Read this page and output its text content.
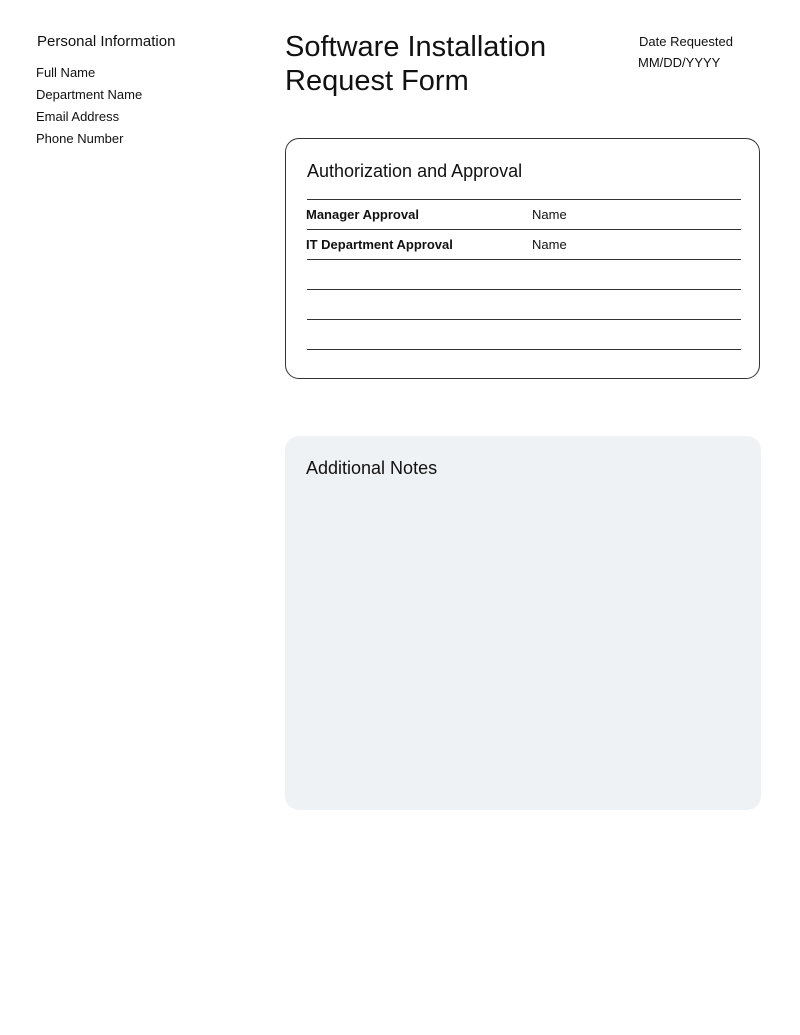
Personal Information
Full Name
Department Name
Email Address
Phone Number
Software Installation
Request Form
Date Requested
MM/DD/YYYY
Authorization and Approval
Manager Approval	Name
IT Department Approval	Name
Additional Notes
